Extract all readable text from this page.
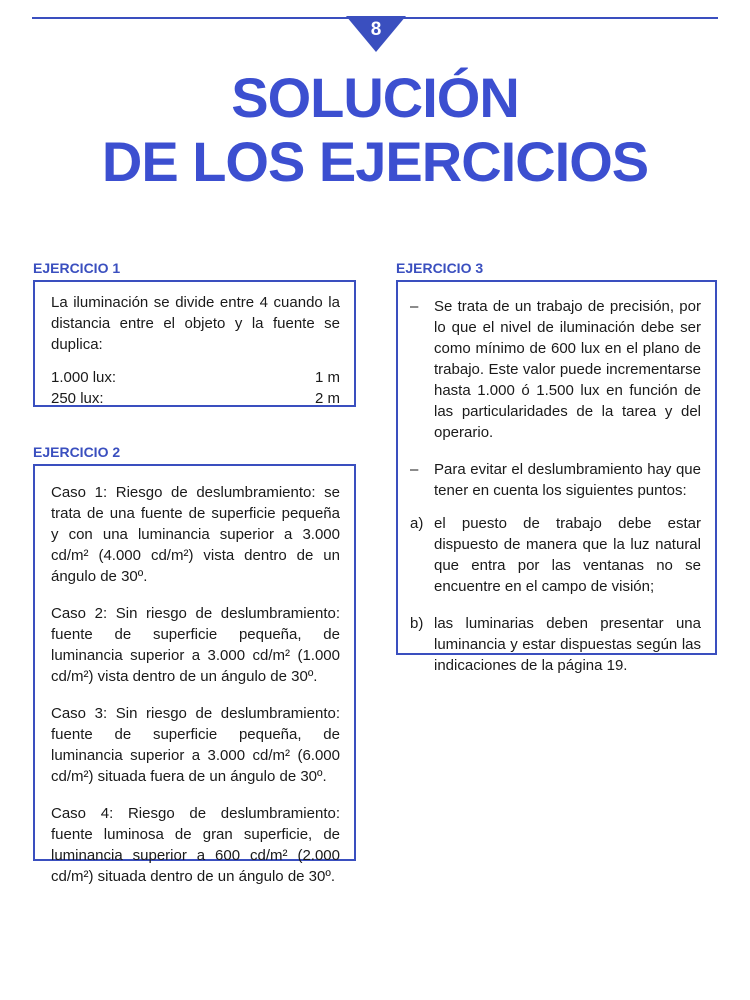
8
SOLUCIÓN
DE LOS EJERCICIOS
EJERCICIO 1

La iluminación se divide entre 4 cuando la distancia entre el objeto y la fuente se duplica:

1.000 lux:	1 m
250 lux:	2 m
EJERCICIO 2

Caso 1: Riesgo de deslumbramiento: se trata de una fuente de superficie pequeña y con una luminancia superior a 3.000 cd/m² (4.000 cd/m²) vista dentro de un ángulo de 30º.

Caso 2: Sin riesgo de deslumbramiento: fuente de superficie pequeña, de luminancia superior a 3.000 cd/m² (1.000 cd/m²) vista dentro de un ángulo de 30º.

Caso 3: Sin riesgo de deslumbramiento: fuente de superficie pequeña, de luminancia superior a 3.000 cd/m² (6.000 cd/m²) situada fuera de un ángulo de 30º.

Caso 4: Riesgo de deslumbramiento: fuente luminosa de gran superficie, de luminancia superior a 600 cd/m² (2.000 cd/m²) situada dentro de un ángulo de 30º.

EJERCICIO 3
–	Se trata de un trabajo de precisión, por lo que el nivel de iluminación debe ser como mínimo de 600 lux en el plano de trabajo. Este valor puede incrementarse hasta 1.000 ó 1.500 lux en función de las particularidades de la tarea y del operario.

–	Para evitar el deslumbramiento hay que tener en cuenta los siguientes puntos:

a) el puesto de trabajo debe estar dispuesto de manera que la luz natural que entra por las ventanas no se encuentre en el campo de visión;

b) las luminarias deben presentar una luminancia y estar dispuestas según las indicaciones de la página 19.
